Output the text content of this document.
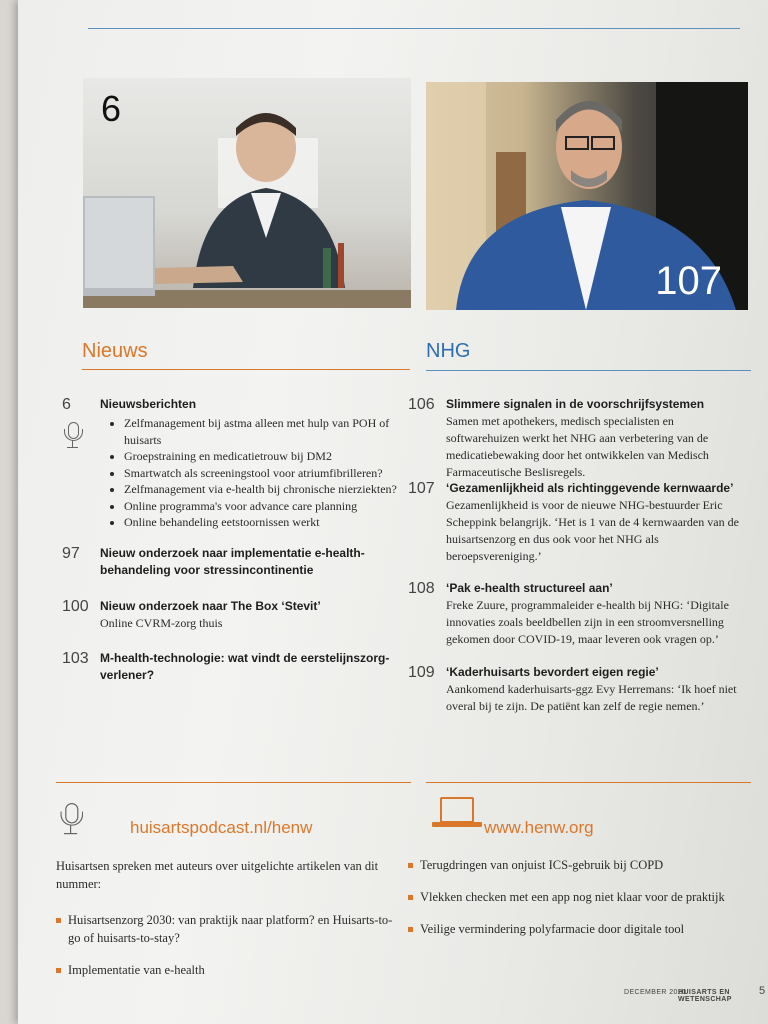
6
107
Nieuws	NHG
6 Nieuwsberichten
• Zelfmanagement bij astma alleen met hulp van POH of huisarts
• Groepstraining en medicatietrouw bij DM2
• Smartwatch als screeningstool voor atriumfibrilleren?
• Zelfmanagement via e-health bij chronische nierziekten?
• Online programma's voor advance care planning
• Online behandeling eetstoornissen werkt
97 Nieuw onderzoek naar implementatie e-health-behandeling voor stressincontinentie
100 Nieuw onderzoek naar The Box ‘Stevit’
Online CVRM-zorg thuis
103 M-health-technologie: wat vindt de eerstelijnszorg-verlener?
106 Slimmere signalen in de voorschrijfsystemen
Samen met apothekers, medisch specialisten en softwarehuizen werkt het NHG aan verbetering van de medicatiebewaking door het ontwikkelen van Medisch Farmaceutische Beslisregels.
107 ‘Gezamenlijkheid als richtinggevende kernwaarde’
Gezamenlijkheid is voor de nieuwe NHG-bestuurder Eric Scheppink belangrijk. ‘Het is 1 van de 4 kernwaarden van de huisartsenzorg en dus ook voor het NHG als beroepsvereniging.’
108 ‘Pak e-health structureel aan’
Freke Zuure, programmaleider e-health bij NHG: ‘Digitale innovaties zoals beeldbellen zijn in een stroomversnelling gekomen door COVID-19, maar leveren ook vragen op.’
109 ‘Kaderhuisarts bevordert eigen regie’
Aankomend kaderhuisarts-ggz Evy Herremans: ‘Ik hoef niet overal bij te zijn. De patiënt kan zelf de regie nemen.’
huisartspodcast.nl/henw
Huisartsen spreken met auteurs over uitgelichte artikelen van dit nummer:
Huisartsenzorg 2030: van praktijk naar platform? en Huisarts-to-go of huisarts-to-stay?
Implementatie van e-health
www.henw.org
Terugdringen van onjuist ICS-gebruik bij COPD
Vlekken checken met een app nog niet klaar voor de praktijk
Veilige vermindering polyfarmacie door digitale tool
DECEMBER 2020
HUISARTS EN WETENSCHAP
5
